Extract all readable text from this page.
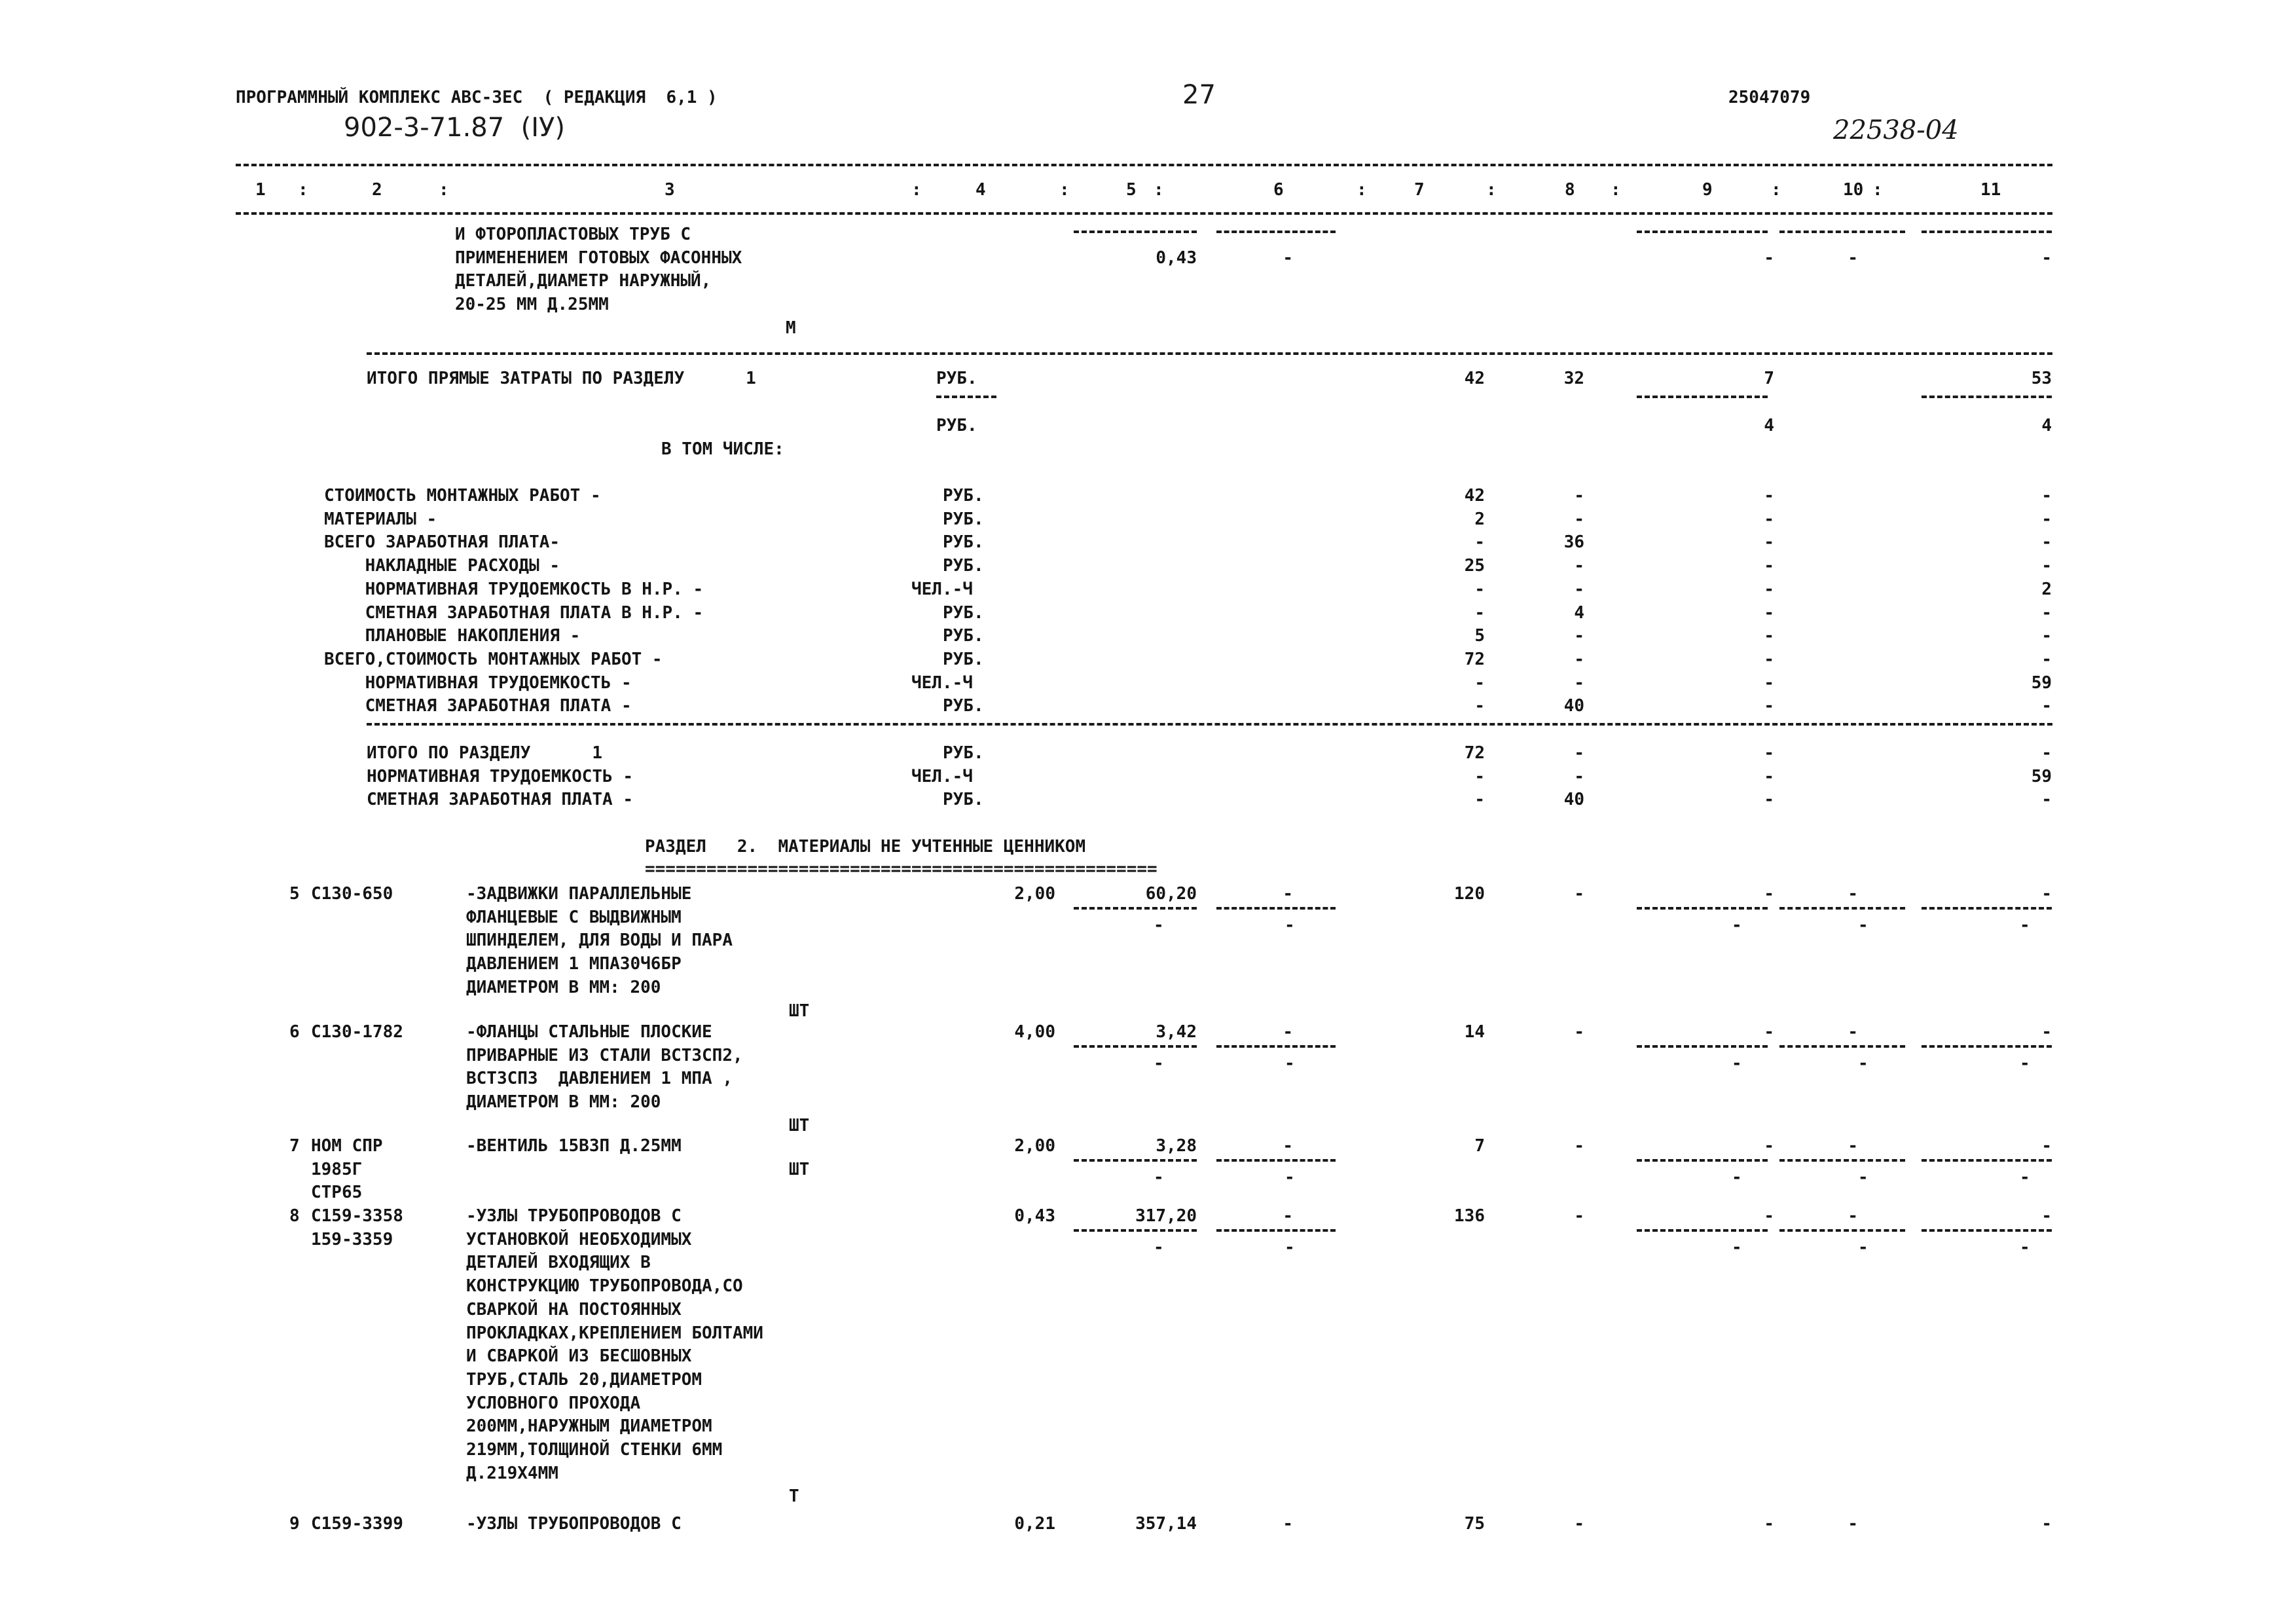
ПРОГРАММНЫЙ КОМПЛЕКС АВС-ЗЕС  ( РЕДАКЦИЯ  6,1 )
902-3-71.87  (IУ)
27	25047079
22538-04
1	2	3	4	5	6	7	8	9	10	11
:	:	:	:	:	:	:	:	:	:
И ФТОРОПЛАСТОВЫХ ТРУБ С
ПРИМЕНЕНИЕМ ГОТОВЫХ ФАСОННЫХ
ДЕТАЛЕЙ,ДИАМЕТР НАРУЖНЫЙ,
20-25 ММ Д.25ММ
0,43	-	-	-	-
М
ИТОГО ПРЯМЫЕ ЗАТРАТЫ ПО РАЗДЕЛУ      1	РУБ.	42	32	7	53
РУБ.	4	4
В ТОМ ЧИСЛЕ:
СТОИМОСТЬ МОНТАЖНЫХ РАБОТ -	РУБ.	42	-	-	-
МАТЕРИАЛЫ -	РУБ.	2	-	-	-
ВСЕГО ЗАРАБОТНАЯ ПЛАТА-	РУБ.	-	36	-	-
НАКЛАДНЫЕ РАСХОДЫ -	РУБ.	25	-	-	-
НОРМАТИВНАЯ ТРУДОЕМКОСТЬ В Н.Р. -	ЧЕЛ.-Ч	-	-	-	2
СМЕТНАЯ ЗАРАБОТНАЯ ПЛАТА В Н.Р. -	РУБ.	-	4	-	-
ПЛАНОВЫЕ НАКОПЛЕНИЯ -	РУБ.	5	-	-	-
ВСЕГО,СТОИМОСТЬ МОНТАЖНЫХ РАБОТ -	РУБ.	72	-	-	-
НОРМАТИВНАЯ ТРУДОЕМКОСТЬ -	ЧЕЛ.-Ч	-	-	-	59
СМЕТНАЯ ЗАРАБОТНАЯ ПЛАТА -	РУБ.	-	40	-	-
ИТОГО ПО РАЗДЕЛУ      1	РУБ.	72	-	-	-
НОРМАТИВНАЯ ТРУДОЕМКОСТЬ -	ЧЕЛ.-Ч	-	-	-	59
СМЕТНАЯ ЗАРАБОТНАЯ ПЛАТА -	РУБ.	-	40	-	-
РАЗДЕЛ   2.  МАТЕРИАЛЫ НЕ УЧТЕННЫЕ ЦЕННИКОМ
==================================================
5 С130-650	-ЗАДВИЖКИ ПАРАЛЛЕЛЬНЫЕ
ФЛАНЦЕВЫЕ С ВЫДВИЖНЫМ
ШПИНДЕЛЕМ, ДЛЯ ВОДЫ И ПАРА
ДАВЛЕНИЕМ 1 МПА30Ч6БР
ДИАМЕТРОМ В ММ: 200
2,00	60,20	-	120	-	-	-	-
-	-	-	-	-
ШТ
6 С130-1782	-ФЛАНЦЫ СТАЛЬНЫЕ ПЛОСКИЕ
ПРИВАРНЫЕ ИЗ СТАЛИ ВСТ3СП2,
ВСТ3СП3  ДАВЛЕНИЕМ 1 МПА ,
ДИАМЕТРОМ В ММ: 200
4,00	3,42	-	14	-	-	-	-
-	-	-	-	-
ШТ
7 НОМ СПР
1985Г
СТР65
-ВЕНТИЛЬ 15В3П Д.25ММ	2,00	3,28	-	7	-	-	-	-
-	-	-	-	-
ШТ
8 С159-3358
159-3359
-УЗЛЫ ТРУБОПРОВОДОВ С
УСТАНОВКОЙ НЕОБХОДИМЫХ
ДЕТАЛЕЙ ВХОДЯЩИХ В
КОНСТРУКЦИЮ ТРУБОПРОВОДА,СО
СВАРКОЙ НА ПОСТОЯННЫХ
ПРОКЛАДКАХ,КРЕПЛЕНИЕМ БОЛТАМИ
И СВАРКОЙ ИЗ БЕСШОВНЫХ
ТРУБ,СТАЛЬ 20,ДИАМЕТРОМ
УСЛОВНОГО ПРОХОДА
200ММ,НАРУЖНЫМ ДИАМЕТРОМ
219ММ,ТОЛЩИНОЙ СТЕНКИ 6ММ
Д.219Х4ММ
0,43	317,20	-	136	-	-	-	-
-	-	-	-	-
Т
9 С159-3399	-УЗЛЫ ТРУБОПРОВОДОВ С	0,21	357,14	-	75	-	-	-	-
